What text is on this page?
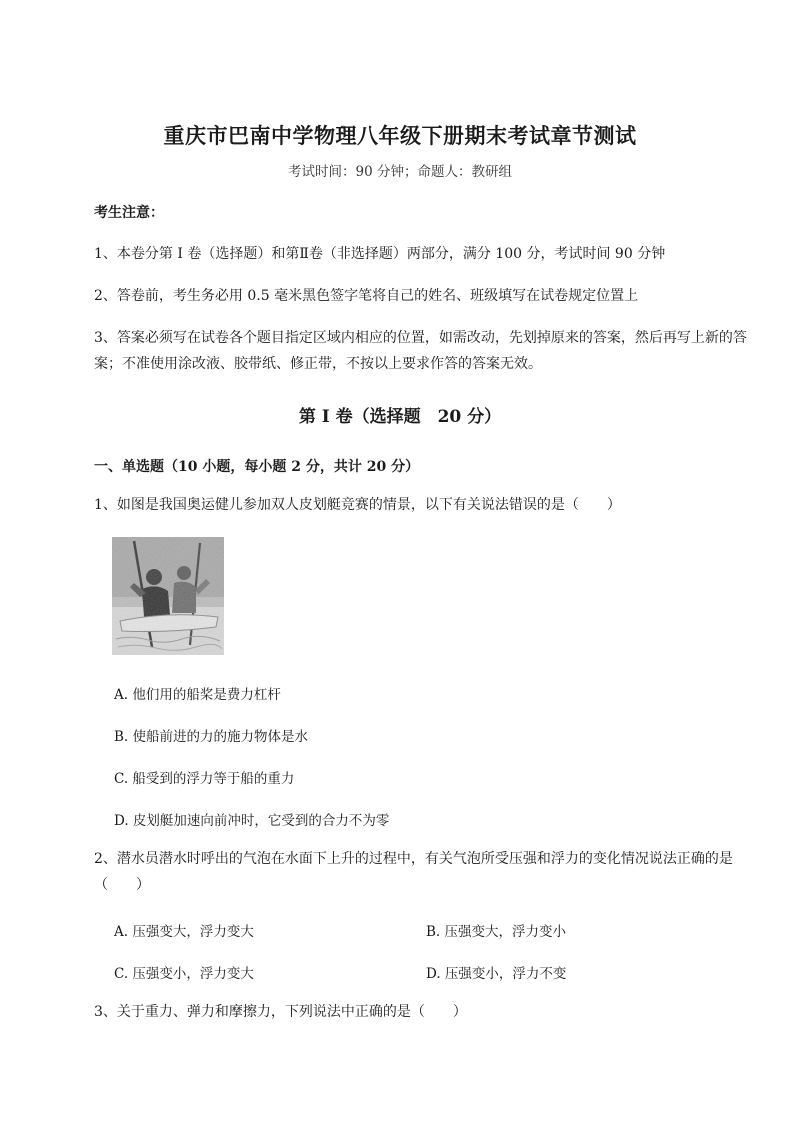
重庆市巴南中学物理八年级下册期末考试章节测试
考试时间：90 分钟；命题人：教研组
考生注意：
1、本卷分第 I 卷（选择题）和第Ⅱ卷（非选择题）两部分，满分 100 分，考试时间 90 分钟
2、答卷前，考生务必用 0.5 毫米黑色签字笔将自己的姓名、班级填写在试卷规定位置上
3、答案必须写在试卷各个题目指定区域内相应的位置，如需改动，先划掉原来的答案，然后再写上新的答案；不准使用涂改液、胶带纸、修正带，不按以上要求作答的答案无效。
第 I 卷（选择题　20 分）
一、单选题（10 小题，每小题 2 分，共计 20 分）
1、如图是我国奥运健儿参加双人皮划艇竞赛的情景，以下有关说法错误的是（　　）
A. 他们用的船桨是费力杠杆
B. 使船前进的力的施力物体是水
C. 船受到的浮力等于船的重力
D. 皮划艇加速向前冲时，它受到的合力不为零
2、潜水员潜水时呼出的气泡在水面下上升的过程中，有关气泡所受压强和浮力的变化情况说法正确的是（　　）
A. 压强变大，浮力变大	B. 压强变大，浮力变小
C. 压强变小，浮力变大	D. 压强变小，浮力不变
3、关于重力、弹力和摩擦力，下列说法中正确的是（　　）
